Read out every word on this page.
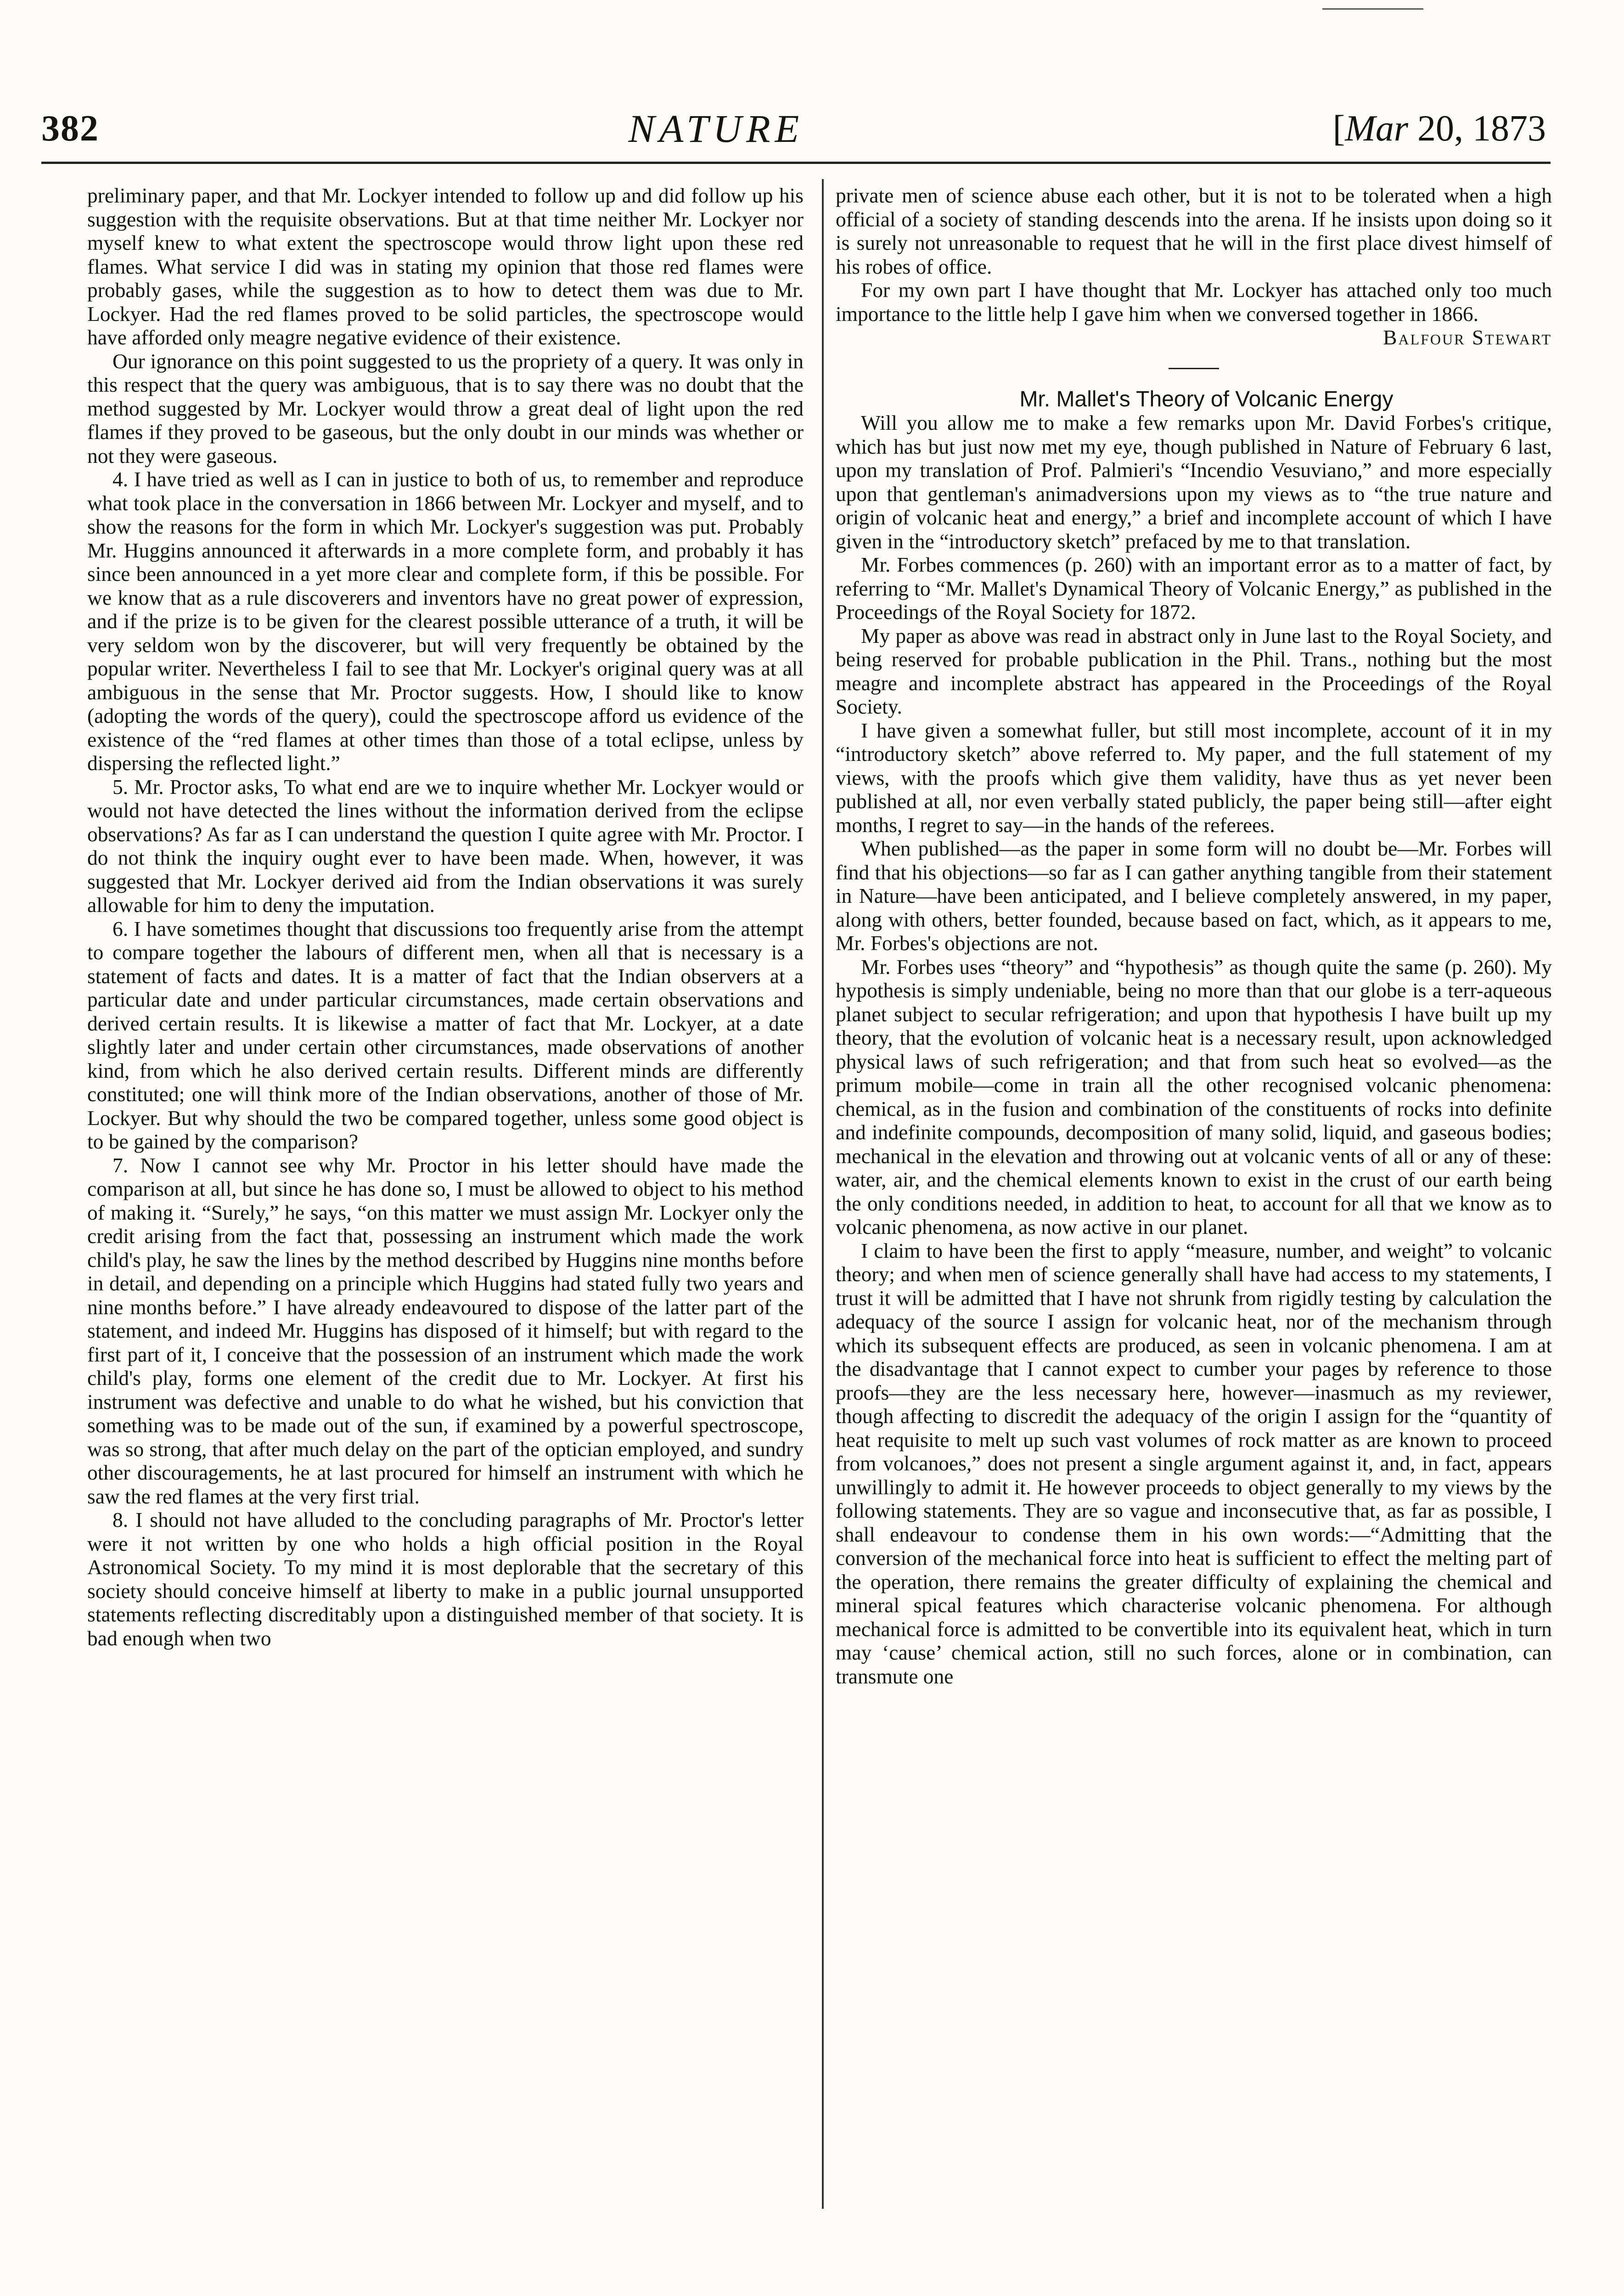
382	NATURE	[Mar 20, 1873

preliminary paper, and that Mr. Lockyer intended to follow up and did follow up his suggestion with the requisite observations. But at that time neither Mr. Lockyer nor myself knew to what extent the spectroscope would throw light upon these red flames. What service I did was in stating my opinion that those red flames were probably gases, while the suggestion as to how to detect them was due to Mr. Lockyer. Had the red flames proved to be solid particles, the spectroscope would have afforded only meagre negative evidence of their existence.

Our ignorance on this point suggested to us the propriety of a query. It was only in this respect that the query was ambiguous, that is to say there was no doubt that the method suggested by Mr. Lockyer would throw a great deal of light upon the red flames if they proved to be gaseous, but the only doubt in our minds was whether or not they were gaseous.

4. I have tried as well as I can in justice to both of us, to remember and reproduce what took place in the conversation in 1866 between Mr. Lockyer and myself, and to show the reasons for the form in which Mr. Lockyer's suggestion was put. Probably Mr. Huggins announced it afterwards in a more complete form, and probably it has since been announced in a yet more clear and complete form, if this be possible. For we know that as a rule discoverers and inventors have no great power of expression, and if the prize is to be given for the clearest possible utterance of a truth, it will be very seldom won by the discoverer, but will very frequently be obtained by the popular writer. Nevertheless I fail to see that Mr. Lockyer's original query was at all ambiguous in the sense that Mr. Proctor suggests. How, I should like to know (adopting the words of the query), could the spectroscope afford us evidence of the existence of the “red flames at other times than those of a total eclipse, unless by dispersing the reflected light.”

5. Mr. Proctor asks, To what end are we to inquire whether Mr. Lockyer would or would not have detected the lines without the information derived from the eclipse observations? As far as I can understand the question I quite agree with Mr. Proctor. I do not think the inquiry ought ever to have been made. When, however, it was suggested that Mr. Lockyer derived aid from the Indian observations it was surely allowable for him to deny the imputation.

6. I have sometimes thought that discussions too frequently arise from the attempt to compare together the labours of different men, when all that is necessary is a statement of facts and dates. It is a matter of fact that the Indian observers at a particular date and under particular circumstances, made certain observations and derived certain results. It is likewise a matter of fact that Mr. Lockyer, at a date slightly later and under certain other circumstances, made observations of another kind, from which he also derived certain results. Different minds are differently constituted; one will think more of the Indian observations, another of those of Mr. Lockyer. But why should the two be compared together, unless some good object is to be gained by the comparison?

7. Now I cannot see why Mr. Proctor in his letter should have made the comparison at all, but since he has done so, I must be allowed to object to his method of making it. “Surely,” he says, “on this matter we must assign Mr. Lockyer only the credit arising from the fact that, possessing an instrument which made the work child's play, he saw the lines by the method described by Huggins nine months before in detail, and depending on a principle which Huggins had stated fully two years and nine months before.” I have already endeavoured to dispose of the latter part of the statement, and indeed Mr. Huggins has disposed of it himself; but with regard to the first part of it, I conceive that the possession of an instrument which made the work child's play, forms one element of the credit due to Mr. Lockyer. At first his instrument was defective and unable to do what he wished, but his conviction that something was to be made out of the sun, if examined by a powerful spectroscope, was so strong, that after much delay on the part of the optician employed, and sundry other discouragements, he at last procured for himself an instrument with which he saw the red flames at the very first trial.

8. I should not have alluded to the concluding paragraphs of Mr. Proctor's letter were it not written by one who holds a high official position in the Royal Astronomical Society. To my mind it is most deplorable that the secretary of this society should conceive himself at liberty to make in a public journal unsupported statements reflecting discreditably upon a distinguished member of that society. It is bad enough when two

private men of science abuse each other, but it is not to be tolerated when a high official of a society of standing descends into the arena. If he insists upon doing so it is surely not unreasonable to request that he will in the first place divest himself of his robes of office.

For my own part I have thought that Mr. Lockyer has attached only too much importance to the little help I gave him when we conversed together in 1866.

Balfour Stewart

Mr. Mallet's Theory of Volcanic Energy

Will you allow me to make a few remarks upon Mr. David Forbes's critique, which has but just now met my eye, though published in Nature of February 6 last, upon my translation of Prof. Palmieri's “Incendio Vesuviano,” and more especially upon that gentleman's animadversions upon my views as to “the true nature and origin of volcanic heat and energy,” a brief and incomplete account of which I have given in the “introductory sketch” prefaced by me to that translation.

Mr. Forbes commences (p. 260) with an important error as to a matter of fact, by referring to “Mr. Mallet's Dynamical Theory of Volcanic Energy,” as published in the Proceedings of the Royal Society for 1872.

My paper as above was read in abstract only in June last to the Royal Society, and being reserved for probable publication in the Phil. Trans., nothing but the most meagre and incomplete abstract has appeared in the Proceedings of the Royal Society.

I have given a somewhat fuller, but still most incomplete, account of it in my “introductory sketch” above referred to. My paper, and the full statement of my views, with the proofs which give them validity, have thus as yet never been published at all, nor even verbally stated publicly, the paper being still—after eight months, I regret to say—in the hands of the referees.

When published—as the paper in some form will no doubt be—Mr. Forbes will find that his objections—so far as I can gather anything tangible from their statement in Nature—have been anticipated, and I believe completely answered, in my paper, along with others, better founded, because based on fact, which, as it appears to me, Mr. Forbes's objections are not.

Mr. Forbes uses “theory” and “hypothesis” as though quite the same (p. 260). My hypothesis is simply undeniable, being no more than that our globe is a terr-aqueous planet subject to secular refrigeration; and upon that hypothesis I have built up my theory, that the evolution of volcanic heat is a necessary result, upon acknowledged physical laws of such refrigeration; and that from such heat so evolved—as the primum mobile—come in train all the other recognised volcanic phenomena: chemical, as in the fusion and combination of the constituents of rocks into definite and indefinite compounds, decomposition of many solid, liquid, and gaseous bodies; mechanical in the elevation and throwing out at volcanic vents of all or any of these: water, air, and the chemical elements known to exist in the crust of our earth being the only conditions needed, in addition to heat, to account for all that we know as to volcanic phenomena, as now active in our planet.

I claim to have been the first to apply “measure, number, and weight” to volcanic theory; and when men of science generally shall have had access to my statements, I trust it will be admitted that I have not shrunk from rigidly testing by calculation the adequacy of the source I assign for volcanic heat, nor of the mechanism through which its subsequent effects are produced, as seen in volcanic phenomena. I am at the disadvantage that I cannot expect to cumber your pages by reference to those proofs—they are the less necessary here, however—inasmuch as my reviewer, though affecting to discredit the adequacy of the origin I assign for the “quantity of heat requisite to melt up such vast volumes of rock matter as are known to proceed from volcanoes,” does not present a single argument against it, and, in fact, appears unwillingly to admit it. He however proceeds to object generally to my views by the following statements. They are so vague and inconsecutive that, as far as possible, I shall endeavour to condense them in his own words:—“Admitting that the conversion of the mechanical force into heat is sufficient to effect the melting part of the operation, there remains the greater difficulty of explaining the chemical and mineral spical features which characterise volcanic phenomena. For although mechanical force is admitted to be convertible into its equivalent heat, which in turn may ‘cause’ chemical action, still no such forces, alone or in combination, can transmute one
